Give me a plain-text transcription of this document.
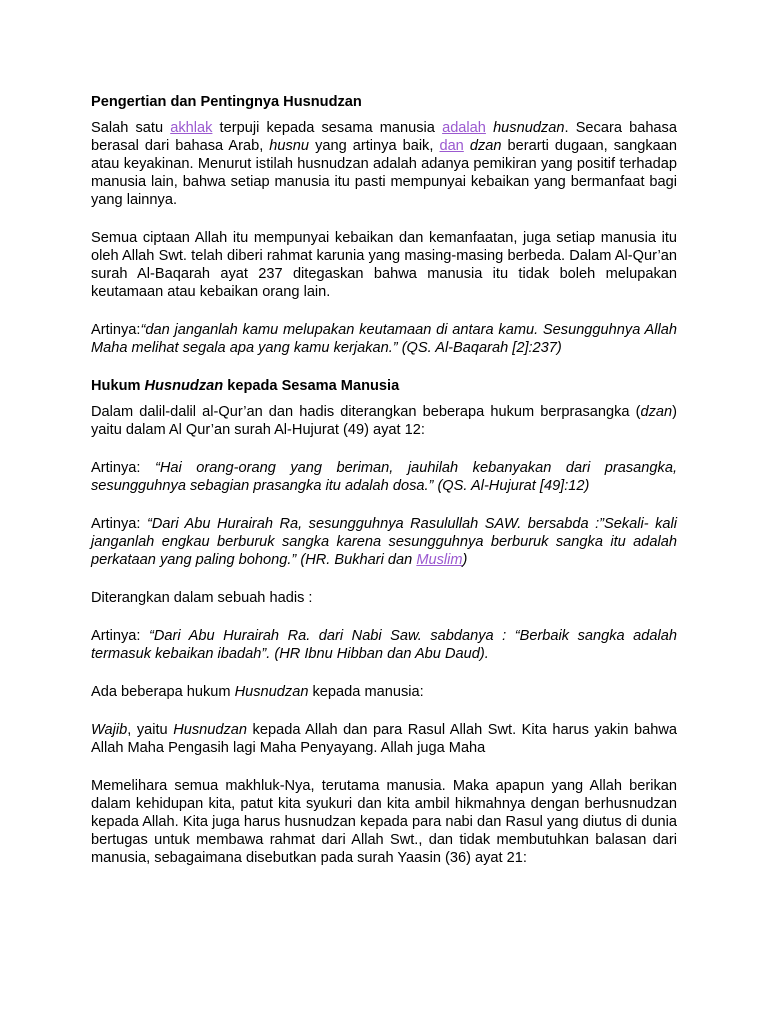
Pengertian dan Pentingnya Husnudzan

Salah satu akhlak terpuji kepada sesama manusia adalah husnudzan. Secara bahasa berasal dari bahasa Arab, husnu yang artinya baik, dan dzan berarti dugaan, sangkaan atau keyakinan. Menurut istilah husnudzan adalah adanya pemikiran yang positif terhadap manusia lain, bahwa setiap manusia itu pasti mempunyai kebaikan yang bermanfaat bagi yang lainnya.

Semua ciptaan Allah itu mempunyai kebaikan dan kemanfaatan, juga setiap manusia itu oleh Allah Swt. telah diberi rahmat karunia yang masing-masing berbeda. Dalam Al-Qur’an surah Al-Baqarah ayat 237 ditegaskan bahwa manusia itu tidak boleh melupakan keutamaan atau kebaikan orang lain.

Artinya:“dan janganlah kamu melupakan keutamaan di antara kamu. Sesungguhnya Allah Maha melihat segala apa yang kamu kerjakan.” (QS. Al-Baqarah [2]:237)

Hukum Husnudzan kepada Sesama Manusia

Dalam dalil-dalil al-Qur’an dan hadis diterangkan beberapa hukum berprasangka (dzan) yaitu dalam Al Qur’an surah Al-Hujurat (49) ayat 12:

Artinya: “Hai orang-orang yang beriman, jauhilah kebanyakan dari prasangka, sesungguhnya sebagian prasangka itu adalah dosa.” (QS. Al-Hujurat [49]:12)

Artinya: “Dari Abu Hurairah Ra, sesungguhnya Rasulullah SAW. bersabda :”Sekali- kali janganlah engkau berburuk sangka karena sesungguhnya berburuk sangka itu adalah perkataan yang paling bohong.” (HR. Bukhari dan Muslim)

Diterangkan dalam sebuah hadis :

Artinya: “Dari Abu Hurairah Ra. dari Nabi Saw. sabdanya : “Berbaik sangka adalah termasuk kebaikan ibadah”. (HR Ibnu Hibban dan Abu Daud).

Ada beberapa hukum Husnudzan kepada manusia:

Wajib, yaitu Husnudzan kepada Allah dan para Rasul Allah Swt. Kita harus yakin bahwa Allah Maha Pengasih lagi Maha Penyayang. Allah juga Maha

Memelihara semua makhluk-Nya, terutama manusia. Maka apapun yang Allah berikan dalam kehidupan kita, patut kita syukuri dan kita ambil hikmahnya dengan berhusnudzan kepada Allah. Kita juga harus husnudzan kepada para nabi dan Rasul yang diutus di dunia bertugas untuk membawa rahmat dari Allah Swt., dan tidak membutuhkan balasan dari manusia, sebagaimana disebutkan pada surah Yaasin (36) ayat 21:
